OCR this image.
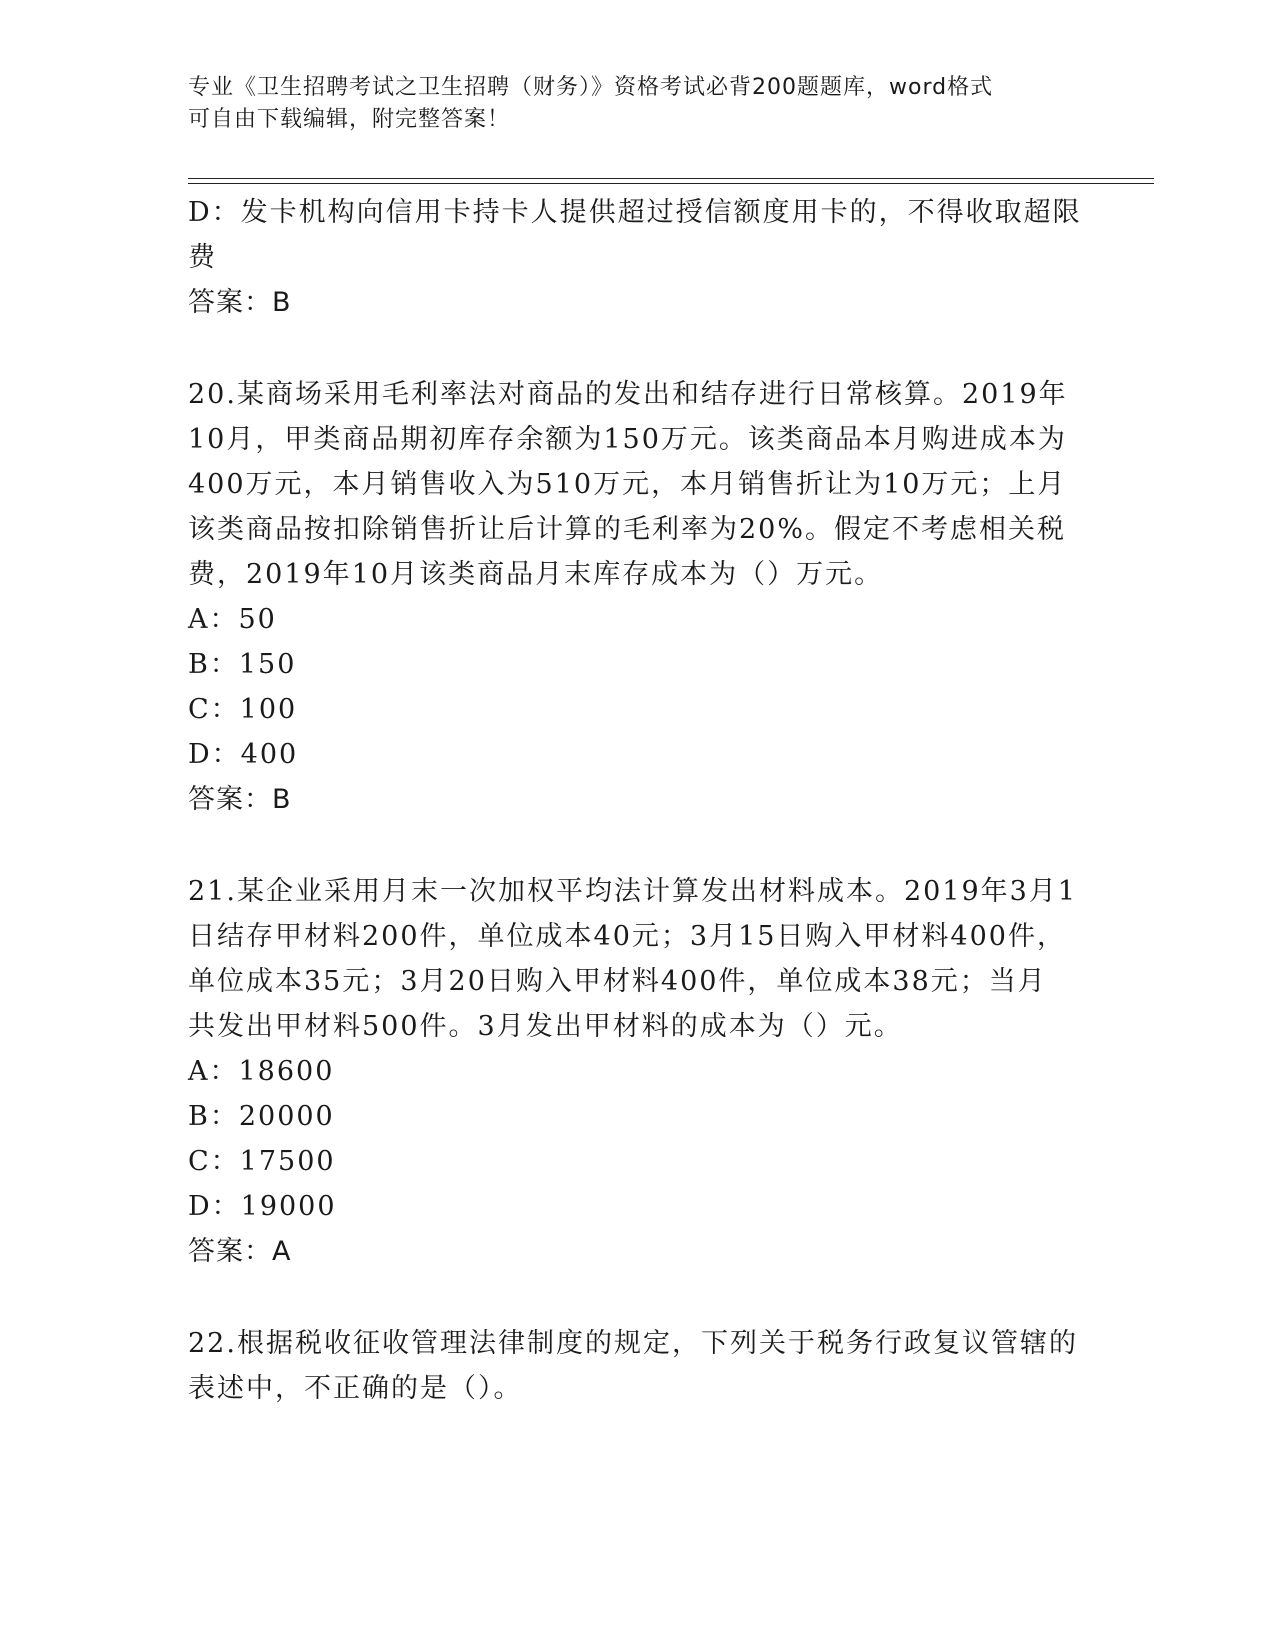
专业《卫生招聘考试之卫生招聘（财务）》资格考试必背200题题库，word格式
可自由下载编辑，附完整答案！
D：发卡机构向信用卡持卡人提供超过授信额度用卡的，不得收取超限
费
答案：B
20.某商场采用毛利率法对商品的发出和结存进行日常核算。2019年
10月，甲类商品期初库存余额为150万元。该类商品本月购进成本为
400万元，本月销售收入为510万元，本月销售折让为10万元；上月
该类商品按扣除销售折让后计算的毛利率为20%。假定不考虑相关税
费，2019年10月该类商品月末库存成本为（）万元。
A：50
B：150
C：100
D：400
答案：B
21.某企业采用月末一次加权平均法计算发出材料成本。2019年3月1
日结存甲材料200件，单位成本40元；3月15日购入甲材料400件，
单位成本35元；3月20日购入甲材料400件，单位成本38元；当月
共发出甲材料500件。3月发出甲材料的成本为（）元。
A：18600
B：20000
C：17500
D：19000
答案：A
22.根据税收征收管理法律制度的规定，下列关于税务行政复议管辖的
表述中，不正确的是（）。
